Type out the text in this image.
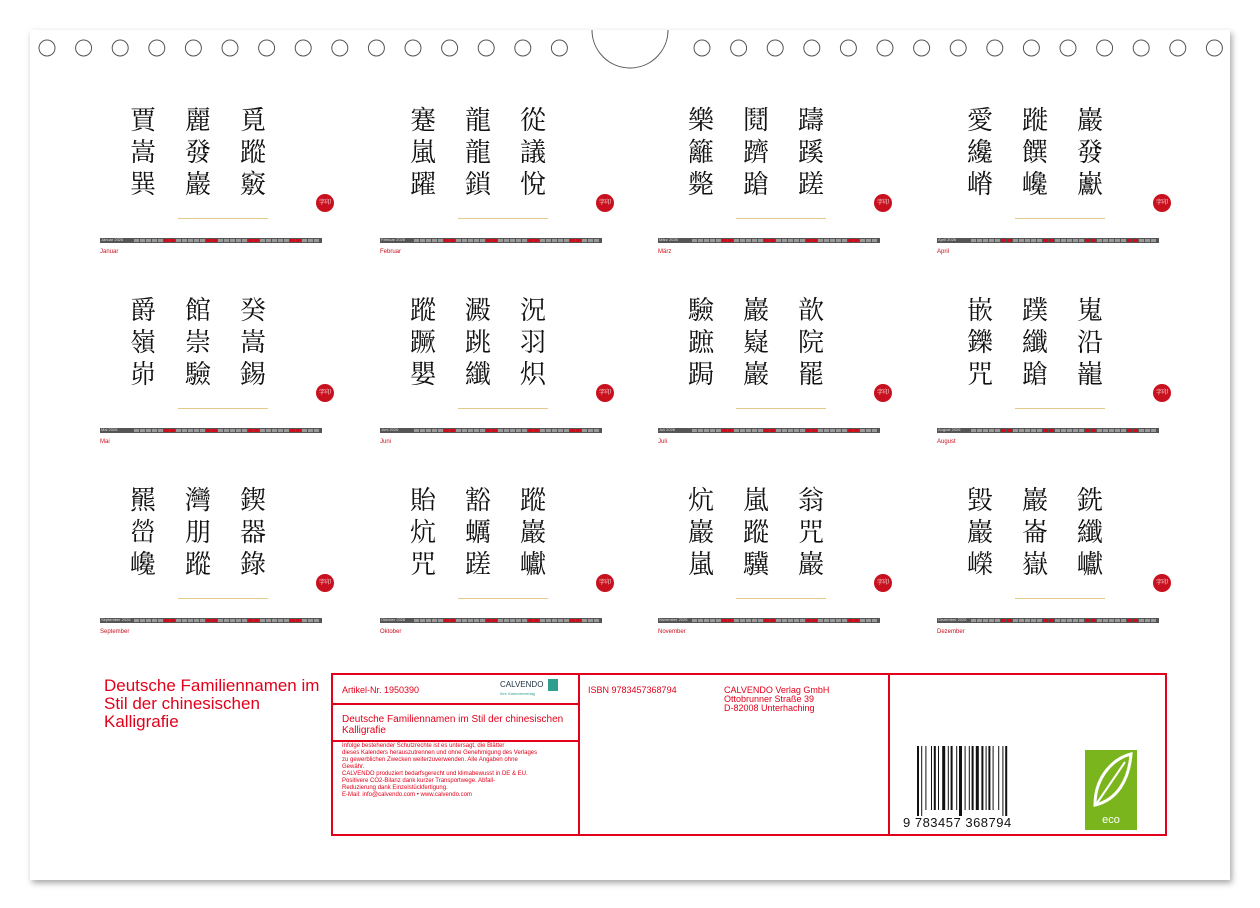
賈 麗 覓
嵩 發 蹤
巽 巖 竅
字印
Januar 2026
Januar
蹇 龍 從
嵐 龍 議
躍 鎖 悅
字印
Februar 2026
Februar
樂 鬩 躊
籬 躋 蹊
斃 蹌 蹉
字印
März 2026
März
愛 蹝 巖
纔 饌 發
嵴 巉 巚
字印
April 2026
April
爵 館 癸
嶺 崇 嵩
峁 驗 錫
字印
Mai 2026
Mai
蹤 澱 況
蹶 跳 羽
嬰 纖 炽
字印
Juni 2026
Juni
驗 巖 歆
蹠 嶷 院
跼 巖 罷
字印
Juli 2026
Juli
嵌 蹼 嵬
鑠 纖 沿
咒 蹌 巃
字印
August 2026
August
羆 灣 鍥
嵤 朋 器
巉 蹤 錄
字印
September 2026
September
貽 豁 蹤
炕 蠣 巖
咒 蹉 巘
字印
Oktober 2026
Oktober
炕 嵐 翁
巖 蹤 咒
嵐 驥 巖
字印
November 2026
November
毀 巖 銑
巖 崙 纖
嶸 嶽 巘
字印
Dezember 2026
Dezember
Deutsche Familiennamen im Stil der chinesischen Kalligrafie
Artikel-Nr. 1950390
CALVENDO
Ihre Kalenderverlag
Deutsche Familiennamen im Stil der chinesischen Kalligrafie
Infolge bestehender Schutzrechte ist es untersagt, die Blätter
dieses Kalenders herauszutrennen und ohne Genehmigung des Verlages
zu gewerblichen Zwecken weiterzuverwenden. Alle Angaben ohne
Gewähr.
CALVENDO produziert bedarfsgerecht und klimabewusst in DE & EU.
Positivere CO2-Bilanz dank kurzer Transportwege. Abfall-
Reduzierung dank Einzelstückfertigung.
E-Mail: info@calvendo.com • www.calvendo.com
ISBN 9783457368794	CALVENDO Verlag GmbH
Ottobrunner Straße 39
D-82008 Unterhaching
9 783457 368794	eco
